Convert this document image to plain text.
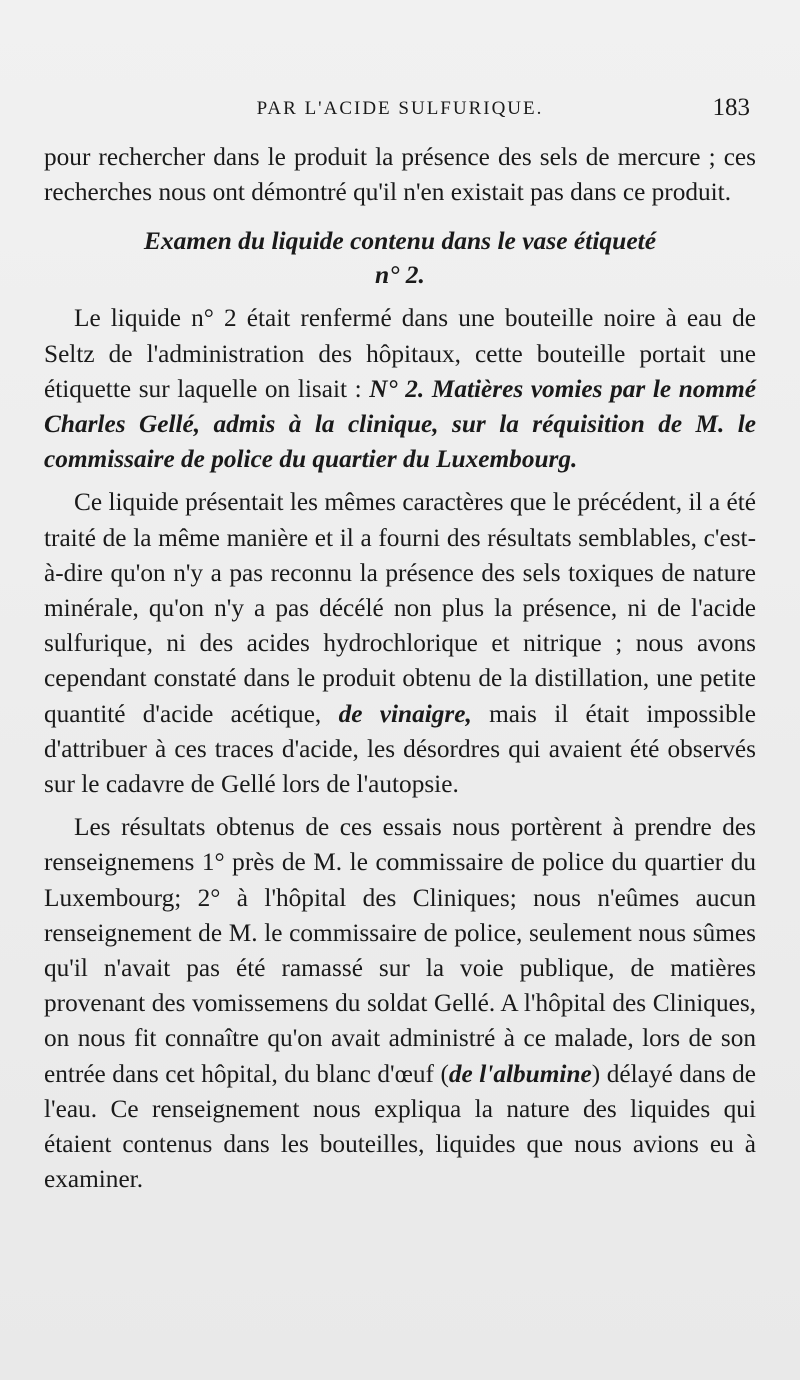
PAR L'ACIDE SULFURIQUE.	183

pour rechercher dans le produit la présence des sels de mercure ; ces recherches nous ont démontré qu'il n'en existait pas dans ce produit.

Examen du liquide contenu dans le vase étiqueté
n° 2.

Le liquide n° 2 était renfermé dans une bouteille noire à eau de Seltz de l'administration des hôpitaux, cette bouteille portait une étiquette sur laquelle on lisait : N° 2. Matières vomies par le nommé Charles Gellé, admis à la clinique, sur la réquisition de M. le commissaire de police du quartier du Luxembourg.

Ce liquide présentait les mêmes caractères que le précédent, il a été traité de la même manière et il a fourni des résultats semblables, c'est-à-dire qu'on n'y a pas reconnu la présence des sels toxiques de nature minérale, qu'on n'y a pas décélé non plus la présence, ni de l'acide sulfurique, ni des acides hydrochlorique et nitrique ; nous avons cependant constaté dans le produit obtenu de la distillation, une petite quantité d'acide acétique, de vinaigre, mais il était impossible d'attribuer à ces traces d'acide, les désordres qui avaient été observés sur le cadavre de Gellé lors de l'autopsie.

Les résultats obtenus de ces essais nous portèrent à prendre des renseignemens 1° près de M. le commissaire de police du quartier du Luxembourg; 2° à l'hôpital des Cliniques; nous n'eûmes aucun renseignement de M. le commissaire de police, seulement nous sûmes qu'il n'avait pas été ramassé sur la voie publique, de matières provenant des vomissemens du soldat Gellé. A l'hôpital des Cliniques, on nous fit connaître qu'on avait administré à ce malade, lors de son entrée dans cet hôpital, du blanc d'œuf (de l'albumine) délayé dans de l'eau. Ce renseignement nous expliqua la nature des liquides qui étaient contenus dans les bouteilles, liquides que nous avions eu à examiner.
